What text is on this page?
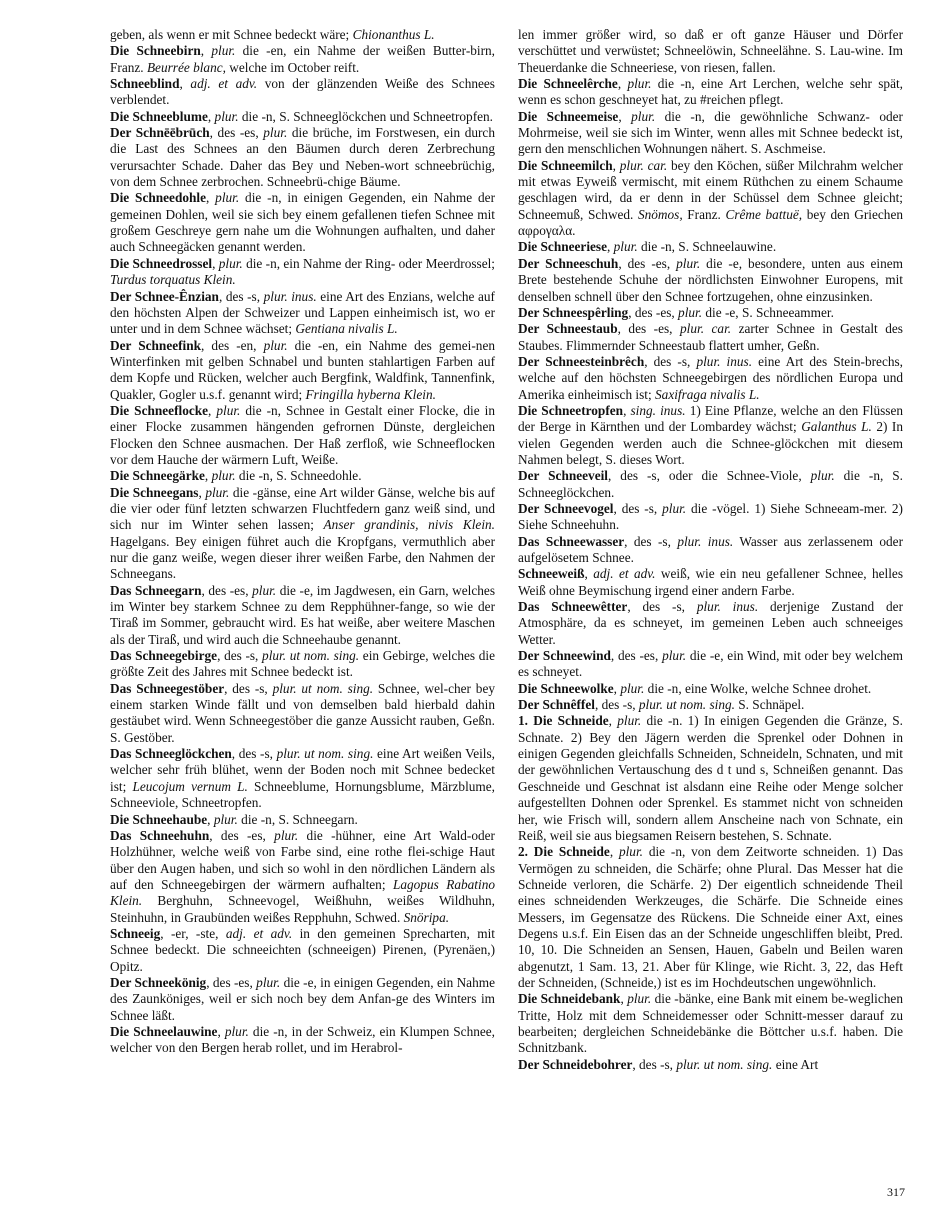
geben, als wenn er mit Schnee bedeckt wäre; Chionanthus L.

Die Schneebirn, plur. die -en, ein Nahme der weißen Butter-birn, Franz. Beurrée blanc, welche im October reift.

Schneeblind, adj. et adv. von der glänzenden Weiße des Schnees verblendet.

Die Schneeblume, plur. die -n, S. Schneeglöckchen und Schneetropfen.

Der Schnēēbrūch, des -es, plur. die brüche, im Forstwesen, ein durch die Last des Schnees an den Bäumen durch deren Zerbrechung verursachter Schade. Daher das Bey und Neben-wort schneebrüchig, von dem Schnee zerbrochen. Schneebrü-chige Bäume.

Die Schneedohle, plur. die -n, in einigen Gegenden, ein Nahme der gemeinen Dohlen, weil sie sich bey einem gefallenen tiefen Schnee mit großem Geschreye gern nahe um die Wohnungen aufhalten, und daher auch Schneegäcken genannt werden.

Die Schneedrossel, plur. die -n, ein Nahme der Ring- oder Meerdrossel; Turdus torquatus Klein.

Der Schnee-Ênzian, des -s, plur. inus. eine Art des Enzians, welche auf den höchsten Alpen der Schweizer und Lappen einheimisch ist, wo er unter und in dem Schnee wächset; Gentiana nivalis L.

Der Schneefink, des -en, plur. die -en, ein Nahme des gemei-nen Winterfinken mit gelben Schnabel und bunten stahlartigen Farben auf dem Kopfe und Rücken, welcher auch Bergfink, Waldfink, Tannenfink, Quakler, Gogler u.s.f. genannt wird; Fringilla hyberna Klein.

Die Schneeflocke, plur. die -n, Schnee in Gestalt einer Flocke, die in einer Flocke zusammen hängenden gefrornen Dünste, dergleichen Flocken den Schnee ausmachen. Der Haß zerfloß, wie Schneeflocken vor dem Hauche der wärmern Luft, Weiße.

Die Schneegärke, plur. die -n, S. Schneedohle.

Die Schneegans, plur. die -gänse, eine Art wilder Gänse, welche bis auf die vier oder fünf letzten schwarzen Fluchtfedern ganz weiß sind, und sich nur im Winter sehen lassen; Anser grandinis, nivis Klein. Hagelgans. Bey einigen führet auch die Kropfgans, vermuthlich aber nur die ganz weiße, wegen dieser ihrer weißen Farbe, den Nahmen der Schneegans.

Das Schneegarn, des -es, plur. die -e, im Jagdwesen, ein Garn, welches im Winter bey starkem Schnee zu dem Repphühner-fange, so wie der Tiraß im Sommer, gebraucht wird. Es hat weiße, aber weitere Maschen als der Tiraß, und wird auch die Schneehaube genannt.

Das Schneegebirge, des -s, plur. ut nom. sing. ein Gebirge, welches die größte Zeit des Jahres mit Schnee bedeckt ist.

Das Schneegestöber, des -s, plur. ut nom. sing. Schnee, wel-cher bey einem starken Winde fällt und von demselben bald hierbald dahin gestäubet wird. Wenn Schneegestöber die ganze Aussicht rauben, Geßn. S. Gestöber.

Das Schneeglöckchen, des -s, plur. ut nom. sing. eine Art weißen Veils, welcher sehr früh blühet, wenn der Boden noch mit Schnee bedecket ist; Leucojum vernum L. Schneeblume, Hornungsblume, Märzblume, Schneeviole, Schneetropfen.

Die Schneehaube, plur. die -n, S. Schneegarn.

Das Schneehuhn, des -es, plur. die -hühner, eine Art Wald-oder Holzhühner, welche weiß von Farbe sind, eine rothe flei-schige Haut über den Augen haben, und sich so wohl in den nördlichen Ländern als auf den Schneegebirgen der wärmern aufhalten; Lagopus Rabatino Klein. Berghuhn, Schneevogel, Weißhuhn, weißes Wildhuhn, Steinhuhn, in Graubünden weißes Repphuhn, Schwed. Snöripa.

Schneeig, -er, -ste, adj. et adv. in den gemeinen Sprecharten, mit Schnee bedeckt. Die schneeichten (schneeigen) Pirenen, (Pyrenäen,) Opitz.

Der Schneekönig, des -es, plur. die -e, in einigen Gegenden, ein Nahme des Zaunköniges, weil er sich noch bey dem Anfan-ge des Winters im Schnee läßt.

Die Schneelauwine, plur. die -n, in der Schweiz, ein Klumpen Schnee, welcher von den Bergen herab rollet, und im Herabrol-

len immer größer wird, so daß er oft ganze Häuser und Dörfer verschüttet und verwüstet; Schneelöwin, Schneelähne. S. Lau-wine. Im Theuerdanke die Schneeriese, von riesen, fallen.

Die Schneelêrche, plur. die -n, eine Art Lerchen, welche sehr spät, wenn es schon geschneyet hat, zu #reichen pflegt.

Die Schneemeise, plur. die -n, die gewöhnliche Schwanz- oder Mohrmeise, weil sie sich im Winter, wenn alles mit Schnee bedeckt ist, gern den menschlichen Wohnungen nähert. S. Aschmeise.

Die Schneemilch, plur. car. bey den Köchen, süßer Milchrahm welcher mit etwas Eyweiß vermischt, mit einem Rüthchen zu einem Schaume geschlagen wird, da er denn in der Schüssel dem Schnee gleicht; Schneemuß, Schwed. Snömos, Franz. Crême battuë, bey den Griechen αφρογαλα.

Die Schneeriese, plur. die -n, S. Schneelauwine.

Der Schneeschuh, des -es, plur. die -e, besondere, unten aus einem Brete bestehende Schuhe der nördlichsten Einwohner Europens, mit denselben schnell über den Schnee fortzugehen, ohne einzusinken.

Der Schneespêrling, des -es, plur. die -e, S. Schneeammer.

Der Schneestaub, des -es, plur. car. zarter Schnee in Gestalt des Staubes. Flimmernder Schneestaub flattert umher, Geßn.

Der Schneesteinbrêch, des -s, plur. inus. eine Art des Stein-brechs, welche auf den höchsten Schneegebirgen des nördlichen Europa und Amerika einheimisch ist; Saxifraga nivalis L.

Die Schneetropfen, sing. inus. 1) Eine Pflanze, welche an den Flüssen der Berge in Kärnthen und der Lombardey wächst; Galanthus L. 2) In vielen Gegenden werden auch die Schnee-glöckchen mit diesem Nahmen belegt, S. dieses Wort.

Der Schneeveil, des -s, oder die Schnee-Viole, plur. die -n, S. Schneeglöckchen.

Der Schneevogel, des -s, plur. die -vögel. 1) Siehe Schneeam-mer. 2) Siehe Schneehuhn.

Das Schneewasser, des -s, plur. inus. Wasser aus zerlassenem oder aufgelösetem Schnee.

Schneeweiß, adj. et adv. weiß, wie ein neu gefallener Schnee, helles Weiß ohne Beymischung irgend einer andern Farbe.

Das Schneewêtter, des -s, plur. inus. derjenige Zustand der Atmosphäre, da es schneyet, im gemeinen Leben auch schneeiges Wetter.

Der Schneewind, des -es, plur. die -e, ein Wind, mit oder bey welchem es schneyet.

Die Schneewolke, plur. die -n, eine Wolke, welche Schnee drohet.

Der Schnêffel, des -s, plur. ut nom. sing. S. Schnäpel.

1. Die Schneide, plur. die -n. 1) In einigen Gegenden die Gränze, S. Schnate. 2) Bey den Jägern werden die Sprenkel oder Dohnen in einigen Gegenden gleichfalls Schneiden, Schneideln, Schnaten, und mit der gewöhnlichen Vertauschung des d t und s, Schneißen genannt. Das Geschneide und Geschnat ist alsdann eine Reihe oder Menge solcher aufgestellten Dohnen oder Sprenkel. Es stammet nicht von schneiden her, wie Frisch will, sondern allem Anscheine nach von Schnate, ein Reiß, weil sie aus biegsamen Reisern bestehen, S. Schnate.

2. Die Schneide, plur. die -n, von dem Zeitworte schneiden. 1) Das Vermögen zu schneiden, die Schärfe; ohne Plural. Das Messer hat die Schneide verloren, die Schärfe. 2) Der eigentlich schneidende Theil eines schneidenden Werkzeuges, die Schärfe. Die Schneide eines Messers, im Gegensatze des Rückens. Die Schneide einer Axt, eines Degens u.s.f. Ein Eisen das an der Schneide ungeschliffen bleibt, Pred. 10, 10. Die Schneiden an Sensen, Hauen, Gabeln und Beilen waren abgenutzt, 1 Sam. 13, 21. Aber für Klinge, wie Richt. 3, 22, das Heft der Schneiden, (Schneide,) ist es im Hochdeutschen ungewöhnlich.

Die Schneidebank, plur. die -bänke, eine Bank mit einem be-weglichen Tritte, Holz mit dem Schneidemesser oder Schnitt-messer darauf zu bearbeiten; dergleichen Schneidebänke die Böttcher u.s.f. haben. Die Schnitzbank.

Der Schneidebohrer, des -s, plur. ut nom. sing. eine Art

317
